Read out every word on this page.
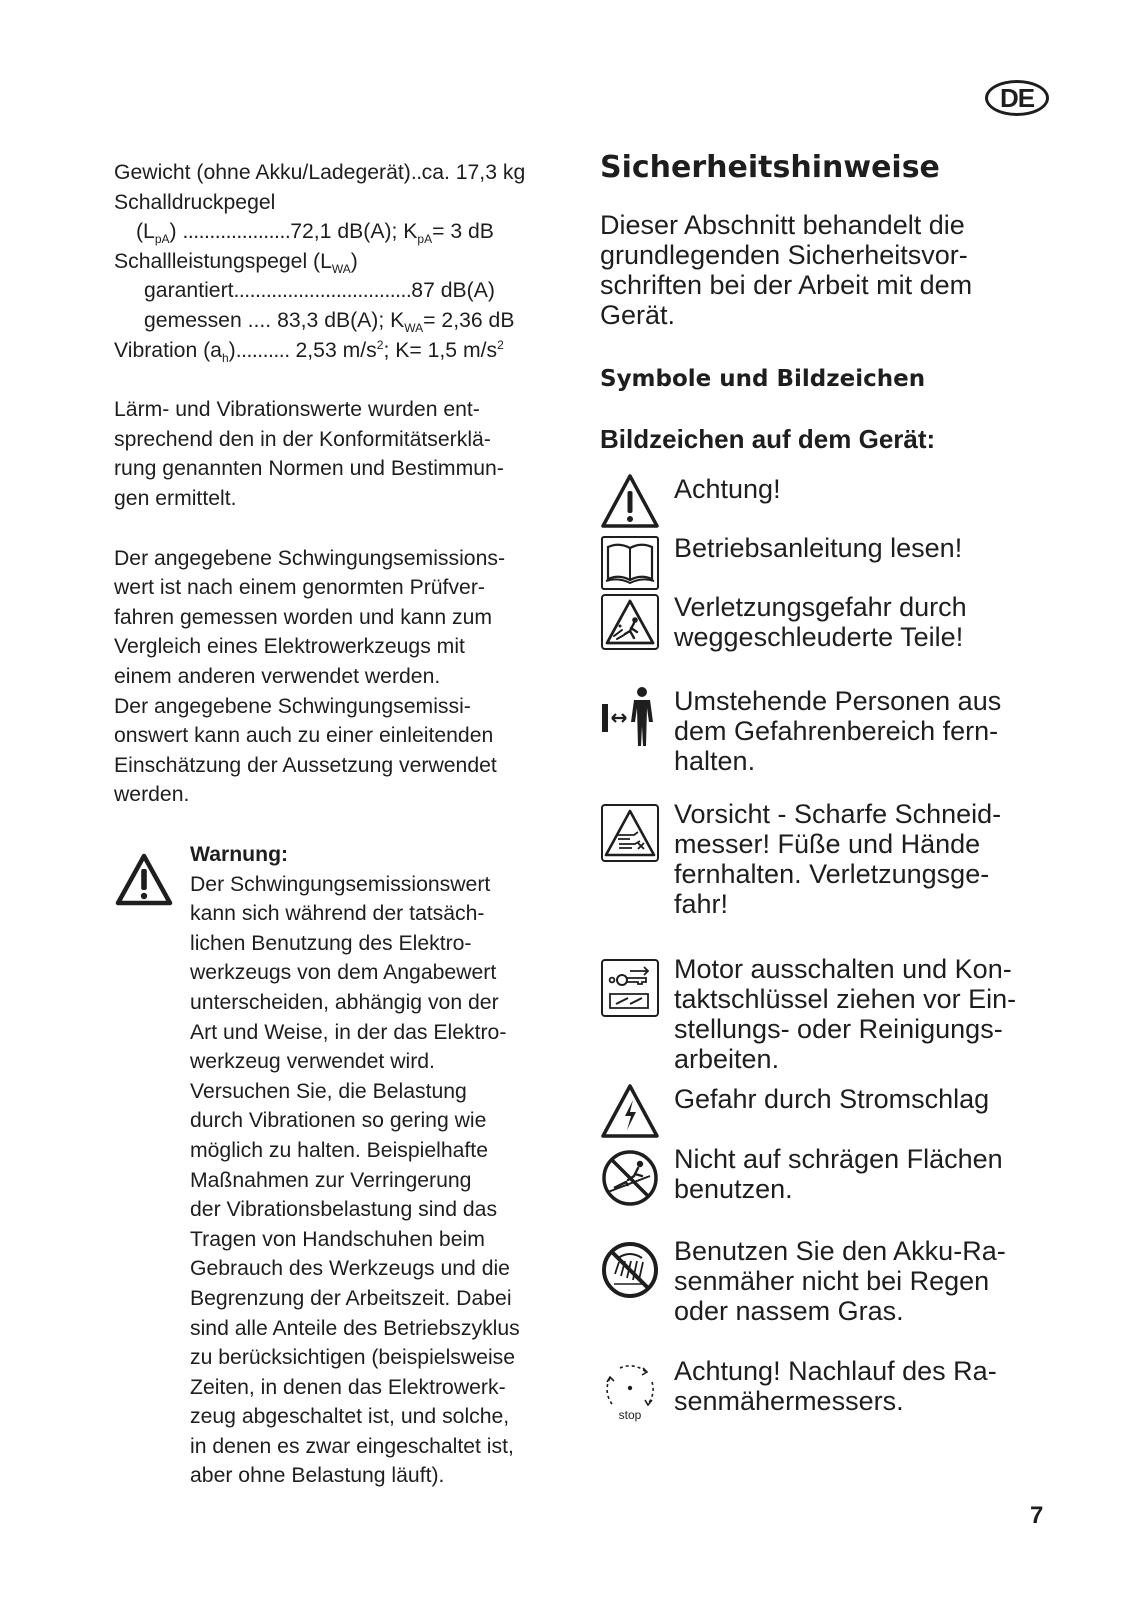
DE
Gewicht (ohne Akku/Ladegerät)..ca. 17,3 kg
Schalldruckpegel
$(L_{pA})$ ....................72,1 dB(A); $K_{pA}= 3$ dB
Schallleistungspegel $(L_{WA})$
garantiert.................................87 dB(A)
gemessen .... 83,3 dB(A); $K_{WA}= 2,36$ dB
Vibration $(a_h)$.......... 2,53 $m/s^2$; K= 1,5 $m/s^2$
Lärm- und Vibrationswerte wurden ent-
sprechend den in der Konformitätserklä-
rung genannten Normen und Bestimmun-
gen ermittelt.
Der angegebene Schwingungsemissions-
wert ist nach einem genormten Prüfver-
fahren gemessen worden und kann zum
Vergleich eines Elektrowerkzeugs mit
einem anderen verwendet werden.
Der angegebene Schwingungsemissi-
onswert kann auch zu einer einleitenden
Einschätzung der Aussetzung verwendet
werden.
Warnung:
Der Schwingungsemissionswert
kann sich während der tatsäch-
lichen Benutzung des Elektro-
werkzeugs von dem Angabewert
unterscheiden, abhängig von der
Art und Weise, in der das Elektro-
werkzeug verwendet wird.
Versuchen Sie, die Belastung
durch Vibrationen so gering wie
möglich zu halten. Beispielhafte
Maßnahmen zur Verringerung
der Vibrationsbelastung sind das
Tragen von Handschuhen beim
Gebrauch des Werkzeugs und die
Begrenzung der Arbeitszeit. Dabei
sind alle Anteile des Betriebszyklus
zu berücksichtigen (beispielsweise
Zeiten, in denen das Elektrowerk-
zeug abgeschaltet ist, und solche,
in denen es zwar eingeschaltet ist,
aber ohne Belastung läuft).
Sicherheitshinweise
Dieser Abschnitt behandelt die
grundlegenden Sicherheitsvor-
schriften bei der Arbeit mit dem
Gerät.
Symbole und Bildzeichen
Bildzeichen auf dem Gerät:
Achtung!
Betriebsanleitung lesen!
Verletzungsgefahr durch
weggeschleuderte Teile!
Umstehende Personen aus
dem Gefahrenbereich fern-
halten.
Vorsicht - Scharfe Schneid-
messer! Füße und Hände
fernhalten. Verletzungsge-
fahr!
Motor ausschalten und Kon-
taktschlüssel ziehen vor Ein-
stellungs- oder Reinigungs-
arbeiten.
Gefahr durch Stromschlag
Nicht auf schrägen Flächen
benutzen.
Benutzen Sie den Akku-Ra-
senmäher nicht bei Regen
oder nassem Gras.
stop
Achtung! Nachlauf des Ra-
senmähermessers.
7
